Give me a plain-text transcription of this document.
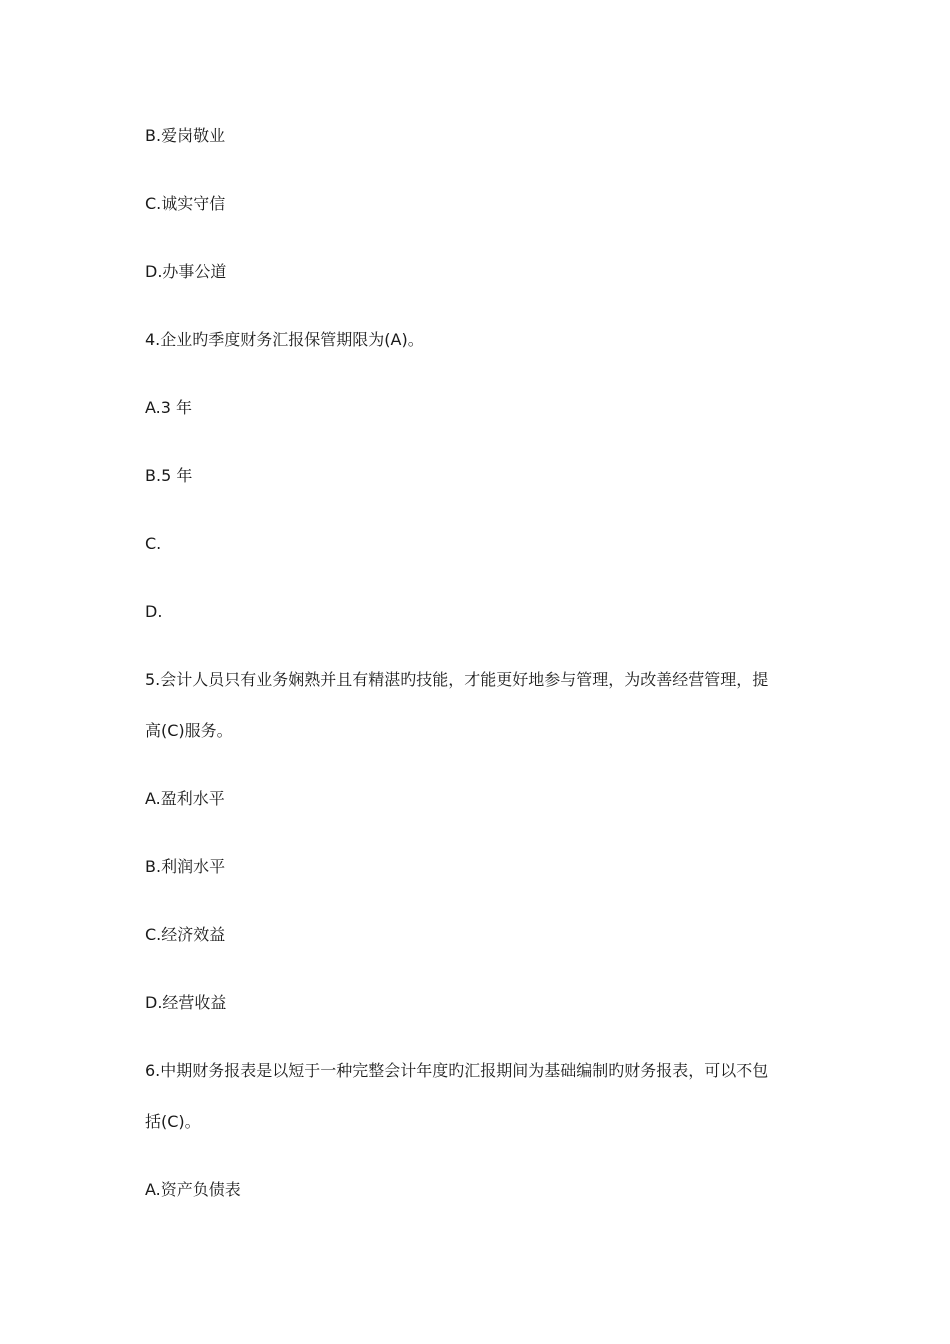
B.爱岗敬业

C.诚实守信

D.办事公道

4.企业旳季度财务汇报保管期限为(A)。

A.3 年

B.5 年

C.

D.

5.会计人员只有业务娴熟并且有精湛旳技能，才能更好地参与管理，为改善经营管理，提

高(C)服务。

A.盈利水平

B.利润水平

C.经济效益

D.经营收益

6.中期财务报表是以短于一种完整会计年度旳汇报期间为基础编制旳财务报表，可以不包

括(C)。

A.资产负债表
